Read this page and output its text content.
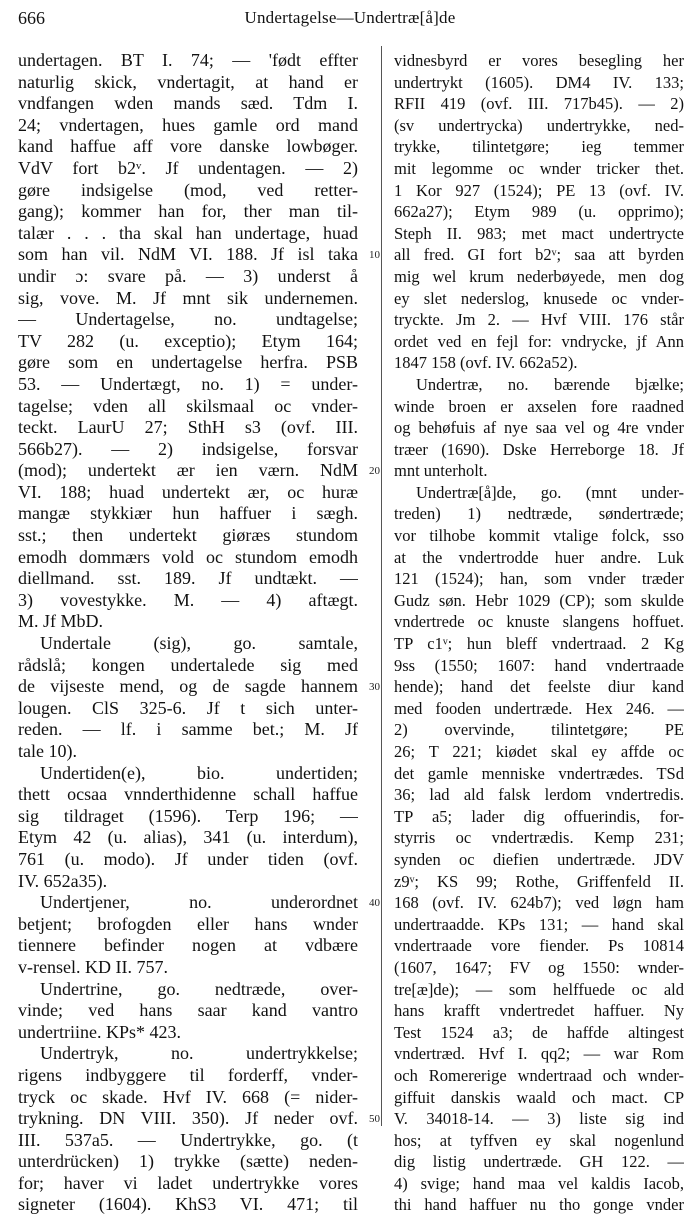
666	Undertagelse—Undertræ[å]de
undertagen. BT I. 74; — 'født effter
naturlig skick, vndertagit, at hand er
vndfangen wden mands sæd. Tdm I.
24; vndertagen, hues gamle ord mand
kand haffue aff vore danske lowbøger.
VdV fort b2ᵛ. Jf undentagen. — 2)
gøre indsigelse (mod, ved retter-
gang); kommer han for, ther man til-
talær . . . tha skal han undertage, huad
som han vil. NdM VI. 188. Jf isl taka
undir ɔ: svare på. — 3) underst å
sig, vove. M. Jf mnt sik undernemen.
— Undertagelse, no. undtagelse;
TV 282 (u. exceptio); Etym 164;
gøre som en undertagelse herfra. PSB
53. — Undertægt, no. 1) = under-
tagelse; vden all skilsmaal oc vnder-
teckt. LaurU 27; SthH s3 (ovf. III.
566b27). — 2) indsigelse, forsvar
(mod); undertekt ær ien værn. NdM
VI. 188; huad undertekt ær, oc huræ
mangæ stykkiær hun haffuer i sægh.
sst.; then undertekt giøræs stundom
emodh dommærs vold oc stundom emodh
diellmand. sst. 189. Jf undtækt. —
3) vovestykke. M. — 4) aftægt.
M. Jf MbD.
Undertale (sig), go. samtale,
rådslå; kongen undertalede sig med
de vijseste mend, og de sagde hannem
lougen. ClS 325-6. Jf t sich unter-
reden. — lf. i samme bet.; M. Jf
tale 10).
Undertiden(e), bio. undertiden;
thett ocsaa vnnderthidenne schall haffue
sig tildraget (1596). Terp 196; —
Etym 42 (u. alias), 341 (u. interdum),
761 (u. modo). Jf under tiden (ovf.
IV. 652a35).
Undertjener, no. underordnet
betjent; brofogden eller hans wnder
tiennere befinder nogen at vdbære
v-rensel. KD II. 757.
Undertrine, go. nedtræde, over-
vinde; ved hans saar kand vantro
undertriine. KPs* 423.
Undertryk, no. undertrykkelse;
rigens indbyggere til forderff, vnder-
tryck oc skade. Hvf IV. 668 (= nider-
trykning. DN VIII. 350). Jf neder ovf.
III. 537a5. — Undertrykke, go. (t
unterdrücken) 1) trykke (sætte) neden-
for; haver vi ladet undertrykke vores
signeter (1604). KhS3 VI. 471; til
10
20
30
40
50
vidnesbyrd er vores besegling her
undertrykt (1605). DM4 IV. 133;
RFII 419 (ovf. III. 717b45). — 2)
(sv undertrycka) undertrykke, ned-
trykke, tilintetgøre; ieg temmer
mit legomme oc wnder tricker thet.
1 Kor 927 (1524); PE 13 (ovf. IV.
662a27); Etym 989 (u. opprimo);
Steph II. 983; met mact undertrycte
all fred. GI fort b2ᵛ; saa att byrden
mig wel krum nederbøyede, men dog
ey slet nederslog, knusede oc vnder-
tryckte. Jm 2. — Hvf VIII. 176 står
ordet ved en fejl for: vndrycke, jf Ann
1847 158 (ovf. IV. 662a52).
Undertræ, no. bærende bjælke;
winde broen er axselen fore raadned
og behøfuis af nye saa vel og 4re vnder
træer (1690). Dske Herreborge 18. Jf
mnt unterholt.
Undertræ[å]de, go. (mnt under-
treden) 1) nedtræde, søndertræde;
vor tilhobe kommit vtalige folck, sso
at the vndertrodde huer andre. Luk
121 (1524); han, som vnder træder
Gudz søn. Hebr 1029 (CP); som skulde
vndertrede oc knuste slangens hoffuet.
TP c1ᵛ; hun bleff vndertraad. 2 Kg
9ss (1550; 1607: hand vndertraade
hende); hand det feelste diur kand
med fooden undertræde. Hex 246. —
2) overvinde, tilintetgøre; PE
26; T 221; kiødet skal ey affde oc
det gamle menniske vndertrædes. TSd
36; lad ald falsk lerdom vndertredis.
TP a5; lader dig offuerindis, for-
styrris oc vndertrædis. Kemp 231;
synden oc diefien undertræde. JDV
z9ᵛ; KS 99; Rothe, Griffenfeld II.
168 (ovf. IV. 624b7); ved løgn ham
undertraadde. KPs 131; — hand skal
vndertraade vore fiender. Ps 10814
(1607, 1647; FV og 1550: wnder-
tre[æ]de); — som helffuede oc ald
hans krafft vndertredet haffuer. Ny
Test 1524 a3; de haffde altingest
vndertræd. Hvf I. qq2; — war Rom
och Romererige wndertraad och wnder-
giffuit danskis waald och mact. CP
V. 34018-14. — 3) liste sig ind
hos; at tyffven ey skal nogenlund
dig listig undertræde. GH 122. —
4) svige; hand maa vel kaldis Iacob,
thi hand haffuer nu tho gonge vnder
